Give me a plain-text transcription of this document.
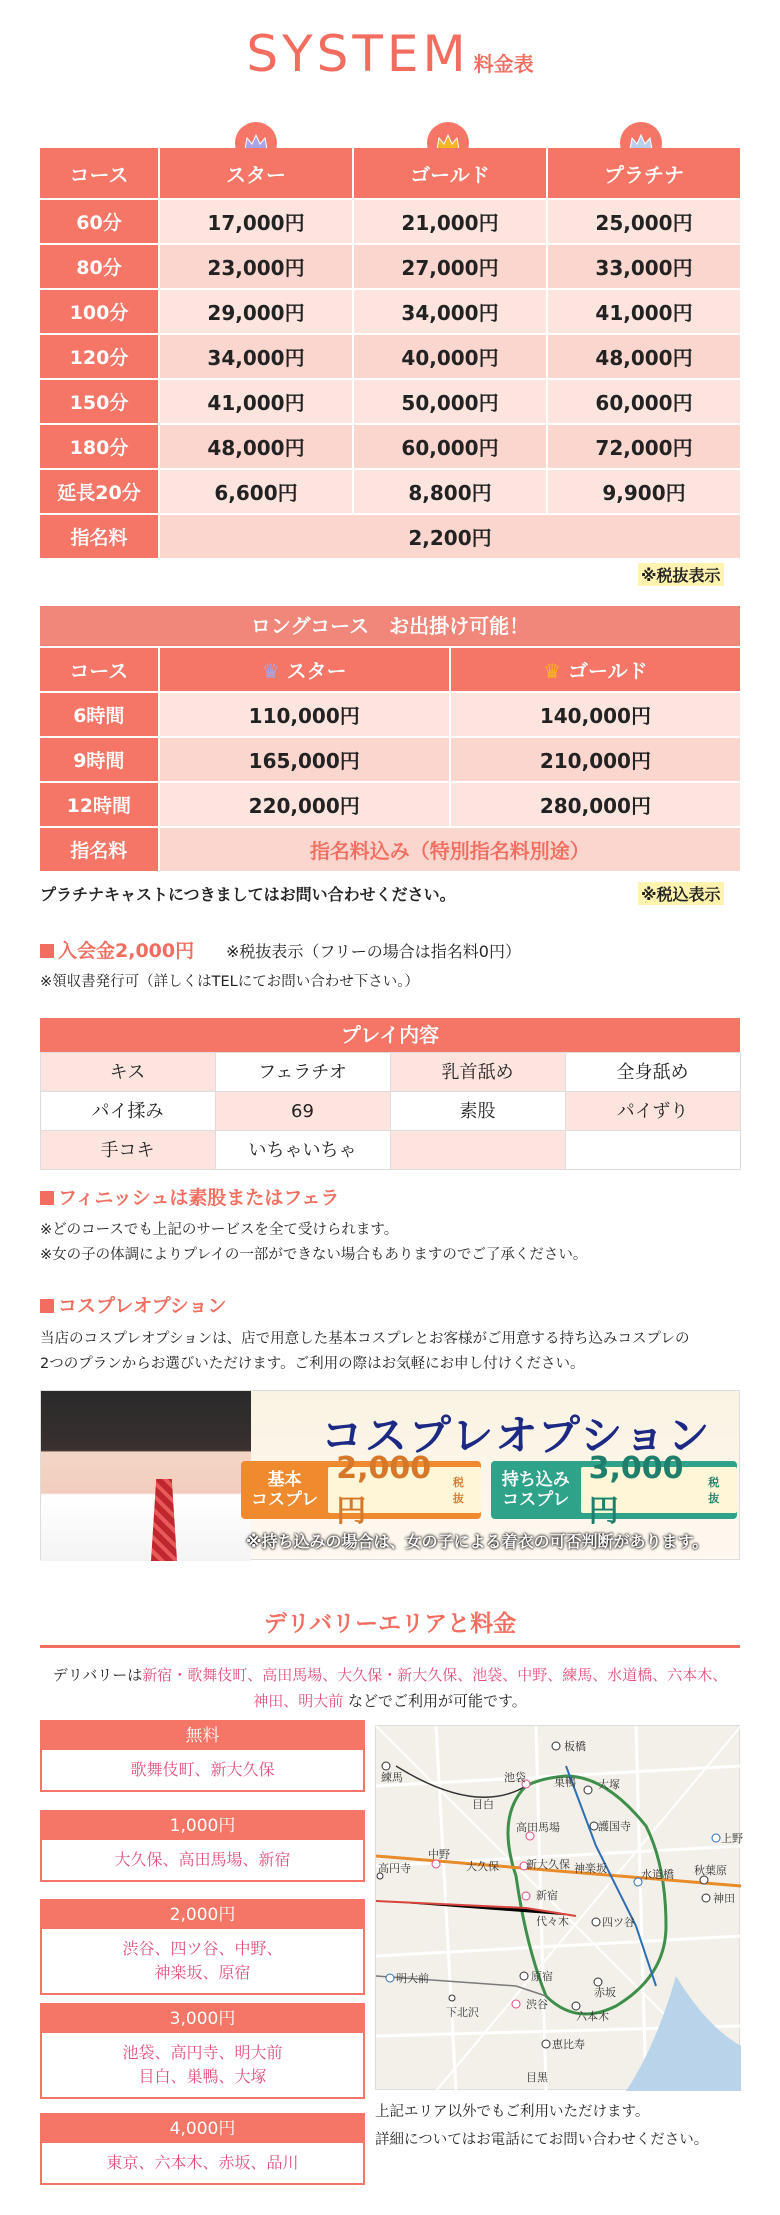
SYSTEM 料金表
コース	スター	ゴールド	プラチナ
60分	17,000円	21,000円	25,000円
80分	23,000円	27,000円	33,000円
100分	29,000円	34,000円	41,000円
120分	34,000円	40,000円	48,000円
150分	41,000円	50,000円	60,000円
180分	48,000円	60,000円	72,000円
延長20分	6,600円	8,800円	9,900円
指名料	2,200円		
※税抜表示
ロングコース　お出掛け可能！
コース	♛ スター	♛ ゴールド
6時間	110,000円	140,000円
9時間	165,000円	210,000円
12時間	220,000円	280,000円
指名料	指名料込み（特別指名料別途）	
プラチナキャストにつきましてはお問い合わせください。	※税込表示
入会金2,000円 ※税抜表示（フリーの場合は指名料0円）
※領収書発行可（詳しくはTELにてお問い合わせ下さい。）
プレイ内容
キス	フェラチオ	乳首舐め	全身舐め
パイ揉み	69	素股	パイずり
手コキ	いちゃいちゃ
フィニッシュは素股またはフェラ
※どのコースでも上記のサービスを全て受けられます。
※女の子の体調によりプレイの一部ができない場合もありますのでご了承ください。
コスプレオプション
当店のコスプレオプションは、店で用意した基本コスプレとお客様がご用意する持ち込みコスプレの
2つのプランからお選びいただけます。ご利用の際はお気軽にお申し付けください。
コスプレオプション
基本
コスプレ
2,000円
税抜
持ち込み
コスプレ
3,000円
税抜
※持ち込みの場合は、女の子による着衣の可否判断があります。
デリバリーエリアと料金
デリバリーは新宿・歌舞伎町、高田馬場、大久保・新大久保、池袋、中野、練馬、水道橋、六本木、
神田、明大前 などでご利用が可能です。
無料
歌舞伎町、新大久保
1,000円
大久保、高田馬場、新宿
2,000円
渋谷、四ツ谷、中野、
神楽坂、原宿
3,000円
池袋、高円寺、明大前
目白、巣鴨、大塚
4,000円
東京、六本木、赤坂、品川
板橋
練馬	池袋
大塚
巣鴨
目白
護国寺
高田馬場
上野
中野
新大久保
大久保	神楽坂	水道橋 秋葉原
高円寺
新宿	神田
代々木	四ツ谷
明大前	原宿
赤坂
下北沢
渋谷
六本木
恵比寿
目黒
上記エリア以外でもご利用いただけます。
詳細についてはお電話にてお問い合わせください。
